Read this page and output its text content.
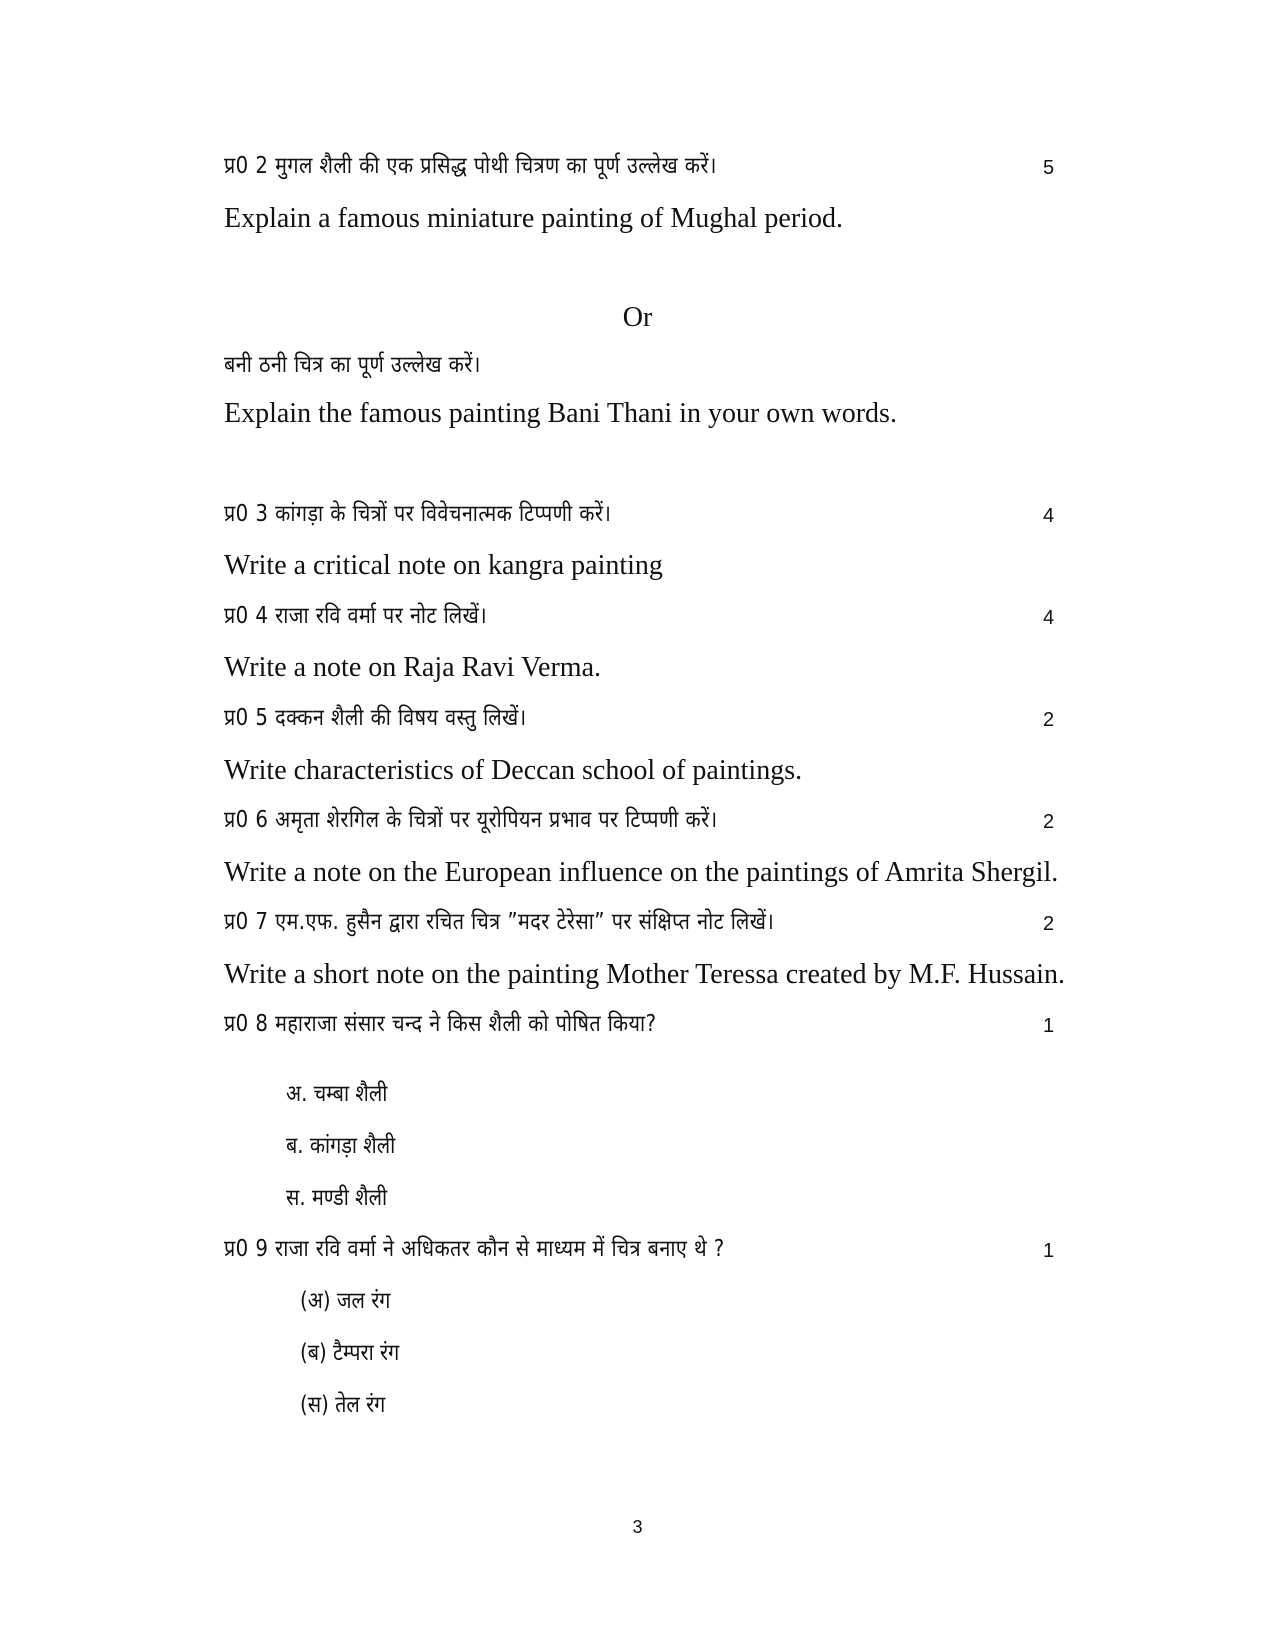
प्र0 2 मुगल शैली की एक प्रसिद्ध पोथी चित्रण का पूर्ण उल्लेख करें।	5
Explain a famous miniature painting of Mughal period.
Or
बनी ठनी चित्र का पूर्ण उल्लेख करें।
Explain the famous painting Bani Thani in your own words.
प्र0 3 कांगड़ा के चित्रों पर विवेचनात्मक टिप्पणी करें।	4
Write a critical note on kangra painting
प्र0 4 राजा रवि वर्मा पर नोट लिखें।	4
Write a note on Raja Ravi Verma.
प्र0 5 दक्कन शैली की विषय वस्तु लिखें।	2
Write characteristics of Deccan school of paintings.
प्र0 6 अमृता शेरगिल के चित्रों पर यूरोपियन प्रभाव पर टिप्पणी करें।	2
Write a note on the European influence on the paintings of Amrita Shergil.
प्र0 7 एम.एफ. हुसैन द्वारा रचित चित्र ”मदर टेरेसा” पर संक्षिप्त नोट लिखें।	2
Write a short note on the painting Mother Teressa created by M.F. Hussain.
प्र0 8 महाराजा संसार चन्द ने किस शैली को पोषित किया?	1
अ. चम्बा शैली
ब. कांगड़ा शैली
स. मण्डी शैली
प्र0 9 राजा रवि वर्मा ने अधिकतर कौन से माध्यम में चित्र बनाए थे ?	1
(अ) जल रंग
(ब) टैम्परा रंग
(स) तेल रंग
3
